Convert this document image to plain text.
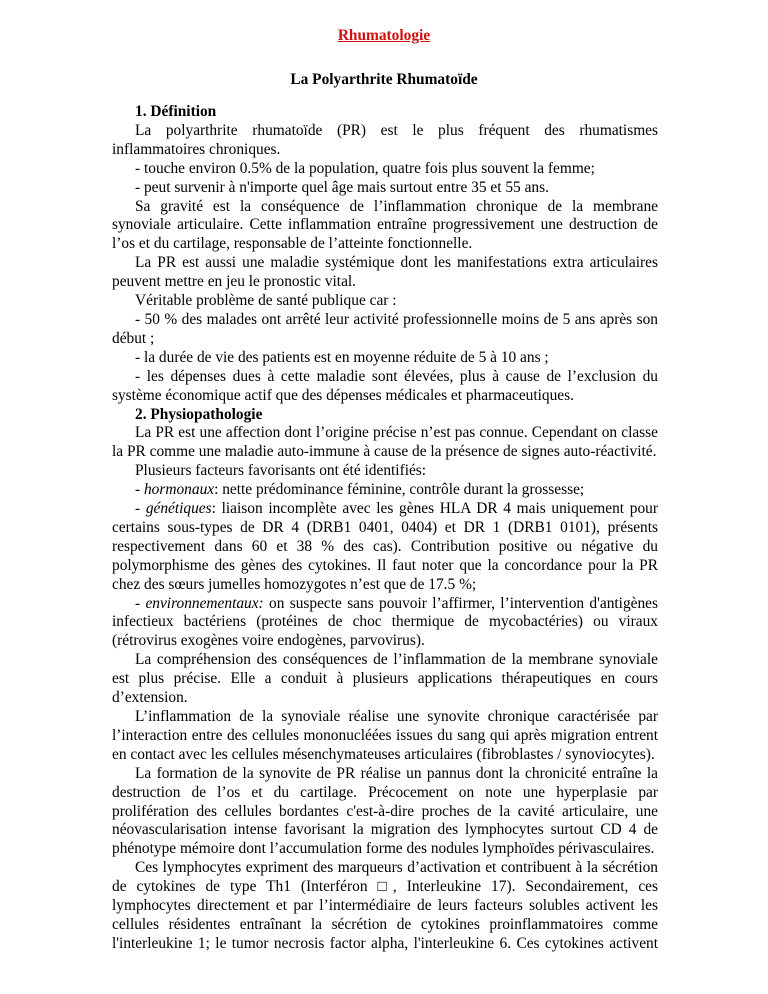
Rhumatologie
La Polyarthrite Rhumatoïde

1. Définition

La polyarthrite rhumatoïde (PR) est le plus fréquent des rhumatismes inflammatoires chroniques.

- touche environ 0.5% de la population, quatre fois plus souvent la femme;

- peut survenir à n'importe quel âge mais surtout entre 35 et 55 ans.

Sa gravité est la conséquence de l’inflammation chronique de la membrane synoviale articulaire. Cette inflammation entraîne progressivement une destruction de l’os et du cartilage, responsable de l’atteinte fonctionnelle.

La PR est aussi une maladie systémique dont les manifestations extra articulaires peuvent mettre en jeu le pronostic vital.

Véritable problème de santé publique car :

- 50 % des malades ont arrêté leur activité professionnelle moins de 5 ans après son début ;

- la durée de vie des patients est en moyenne réduite de 5 à 10 ans ;

- les dépenses dues à cette maladie sont élevées, plus à cause de l’exclusion du système économique actif que des dépenses médicales et pharmaceutiques.

2. Physiopathologie

La PR est une affection dont l’origine précise n’est pas connue. Cependant on classe la PR comme une maladie auto-immune à cause de la présence de signes auto-réactivité.

Plusieurs facteurs favorisants ont été identifiés:

- hormonaux: nette prédominance féminine, contrôle durant la grossesse;

- génétiques: liaison incomplète avec les gènes HLA DR 4 mais uniquement pour certains sous-types de DR 4 (DRB1 0401, 0404) et DR 1 (DRB1 0101), présents respectivement dans 60 et 38 % des cas). Contribution positive ou négative du polymorphisme des gènes des cytokines. Il faut noter que la concordance pour la PR chez des sœurs jumelles homozygotes n’est que de 17.5 %;

- environnementaux: on suspecte sans pouvoir l’affirmer, l’intervention d'antigènes infectieux bactériens (protéines de choc thermique de mycobactéries) ou viraux (rétrovirus exogènes voire endogènes, parvovirus).

La compréhension des conséquences de l’inflammation de la membrane synoviale est plus précise. Elle a conduit à plusieurs applications thérapeutiques en cours d’extension.

L’inflammation de la synoviale réalise une synovite chronique caractérisée par l’interaction entre des cellules mononucléées issues du sang qui après migration entrent en contact avec les cellules mésenchymateuses articulaires (fibroblastes / synoviocytes).

La formation de la synovite de PR réalise un pannus dont la chronicité entraîne la destruction de l’os et du cartilage. Précocement on note une hyperplasie par prolifération des cellules bordantes c'est-à-dire proches de la cavité articulaire, une néovascularisation intense favorisant la migration des lymphocytes surtout CD 4 de phénotype mémoire dont l’accumulation forme des nodules lymphoïdes périvasculaires.

Ces lymphocytes expriment des marqueurs d’activation et contribuent à la sécrétion de cytokines de type Th1 (Interféron □, Interleukine 17). Secondairement, ces lymphocytes directement et par l’intermédiaire de leurs facteurs solubles activent les cellules résidentes entraînant la sécrétion de cytokines proinflammatoires comme l'interleukine 1; le tumor necrosis factor alpha, l'interleukine 6. Ces cytokines activent
